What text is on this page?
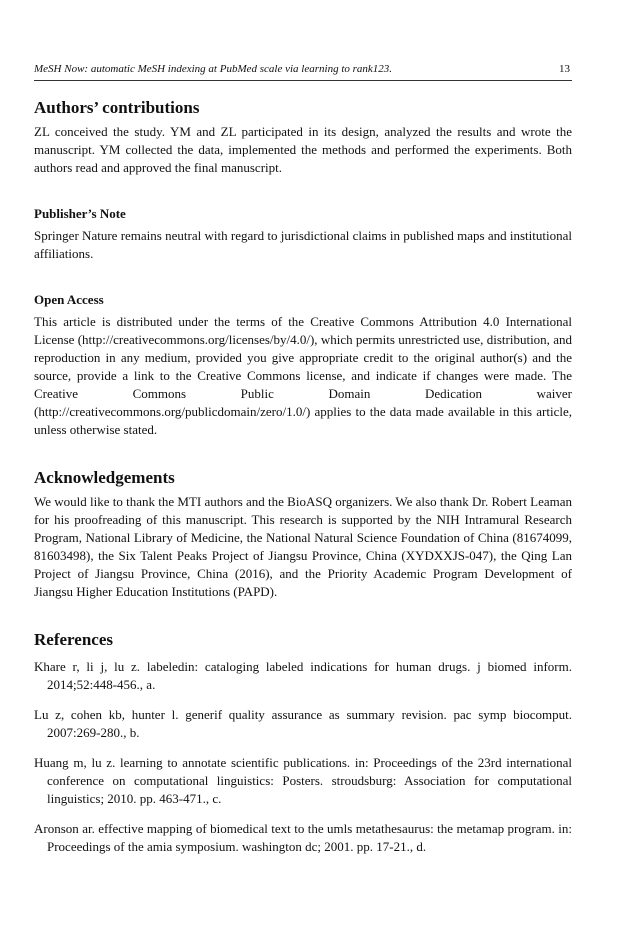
MeSH Now: automatic MeSH indexing at PubMed scale via learning to rank123.	13
Authors’ contributions

ZL conceived the study. YM and ZL participated in its design, analyzed the results and wrote the manuscript. YM collected the data, implemented the methods and performed the experiments. Both authors read and approved the final manuscript.

Publisher’s Note

Springer Nature remains neutral with regard to jurisdictional claims in published maps and institutional affiliations.

Open Access

This article is distributed under the terms of the Creative Commons Attribution 4.0 International License (http://creativecommons.org/licenses/by/4.0/), which permits unrestricted use, distribution, and reproduction in any medium, provided you give appropriate credit to the original author(s) and the source, provide a link to the Creative Commons license, and indicate if changes were made. The Creative Commons Public Domain Dedication waiver (http://creativecommons.org/publicdomain/zero/1.0/) applies to the data made available in this article, unless otherwise stated.

Acknowledgements

We would like to thank the MTI authors and the BioASQ organizers. We also thank Dr. Robert Leaman for his proofreading of this manuscript. This research is supported by the NIH Intramural Research Program, National Library of Medicine, the National Natural Science Foundation of China (81674099, 81603498), the Six Talent Peaks Project of Jiangsu Province, China (XYDXXJS-047), the Qing Lan Project of Jiangsu Province, China (2016), and the Priority Academic Program Development of Jiangsu Higher Education Institutions (PAPD).

References
Khare r, li j, lu z. labeledin: cataloging labeled indications for human drugs. j biomed inform. 2014;52:448-456., a.
Lu z, cohen kb, hunter l. generif quality assurance as summary revision. pac symp biocomput. 2007:269-280., b.
Huang m, lu z. learning to annotate scientific publications. in: Proceedings of the 23rd international conference on computational linguistics: Posters. stroudsburg: Association for computational linguistics; 2010. pp. 463-471., c.
Aronson ar. effective mapping of biomedical text to the umls metathesaurus: the metamap program. in: Proceedings of the amia symposium. washington dc; 2001. pp. 17-21., d.
